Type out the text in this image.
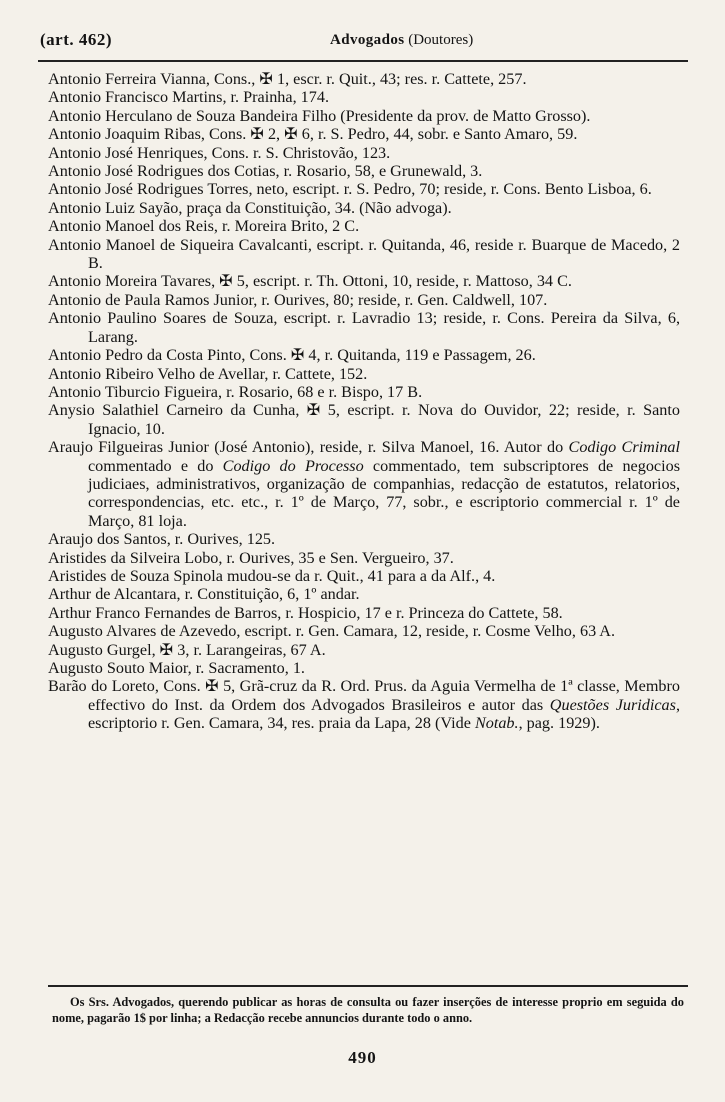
(art. 462)	Advogados (Doutores)
Antonio Ferreira Vianna, Cons., ✠ 1, escr. r. Quit., 43; res. r. Cattete, 257.
Antonio Francisco Martins, r. Prainha, 174.
Antonio Herculano de Souza Bandeira Filho (Presidente da prov. de Matto Grosso).
Antonio Joaquim Ribas, Cons. ✠ 2, ✠ 6, r. S. Pedro, 44, sobr. e Santo Amaro, 59.
Antonio José Henriques, Cons. r. S. Christovão, 123.
Antonio José Rodrigues dos Cotias, r. Rosario, 58, e Grunewald, 3.
Antonio José Rodrigues Torres, neto, escript. r. S. Pedro, 70; reside, r. Cons. Bento Lisboa, 6.
Antonio Luiz Sayão, praça da Constituição, 34. (Não advoga).
Antonio Manoel dos Reis, r. Moreira Brito, 2 C.
Antonio Manoel de Siqueira Cavalcanti, escript. r. Quitanda, 46, reside r. Buarque de Macedo, 2 B.
Antonio Moreira Tavares, ✠ 5, escript. r. Th. Ottoni, 10, reside, r. Mattoso, 34 C.
Antonio de Paula Ramos Junior, r. Ourives, 80; reside, r. Gen. Caldwell, 107.
Antonio Paulino Soares de Souza, escript. r. Lavradio 13; reside, r. Cons. Pereira da Silva, 6, Larang.
Antonio Pedro da Costa Pinto, Cons. ✠ 4, r. Quitanda, 119 e Passagem, 26.
Antonio Ribeiro Velho de Avellar, r. Cattete, 152.
Antonio Tiburcio Figueira, r. Rosario, 68 e r. Bispo, 17 B.
Anysio Salathiel Carneiro da Cunha, ✠ 5, escript. r. Nova do Ouvidor, 22; reside, r. Santo Ignacio, 10.
Araujo Filgueiras Junior (José Antonio), reside, r. Silva Manoel, 16. Autor do Codigo Criminal commentado e do Codigo do Processo commentado, tem subscriptores de negocios judiciaes, administrativos, organização de companhias, redacção de estatutos, relatorios, correspondencias, etc. etc., r. 1º de Março, 77, sobr., e escriptorio commercial r. 1º de Março, 81 loja.
Araujo dos Santos, r. Ourives, 125.
Aristides da Silveira Lobo, r. Ourives, 35 e Sen. Vergueiro, 37.
Aristides de Souza Spinola mudou-se da r. Quit., 41 para a da Alf., 4.
Arthur de Alcantara, r. Constituição, 6, 1º andar.
Arthur Franco Fernandes de Barros, r. Hospicio, 17 e r. Princeza do Cattete, 58.
Augusto Alvares de Azevedo, escript. r. Gen. Camara, 12, reside, r. Cosme Velho, 63 A.
Augusto Gurgel, ✠ 3, r. Larangeiras, 67 A.
Augusto Souto Maior, r. Sacramento, 1.
Barão do Loreto, Cons. ✠ 5, Grã-cruz da R. Ord. Prus. da Aguia Vermelha de 1ª classe, Membro effectivo do Inst. da Ordem dos Advogados Brasileiros e autor das Questões Juridicas, escriptorio r. Gen. Camara, 34, res. praia da Lapa, 28 (Vide Notab., pag. 1929).
Os Srs. Advogados, querendo publicar as horas de consulta ou fazer inserções de interesse proprio em seguida do nome, pagarão 1$ por linha; a Redacção recebe annuncios durante todo o anno.
490
